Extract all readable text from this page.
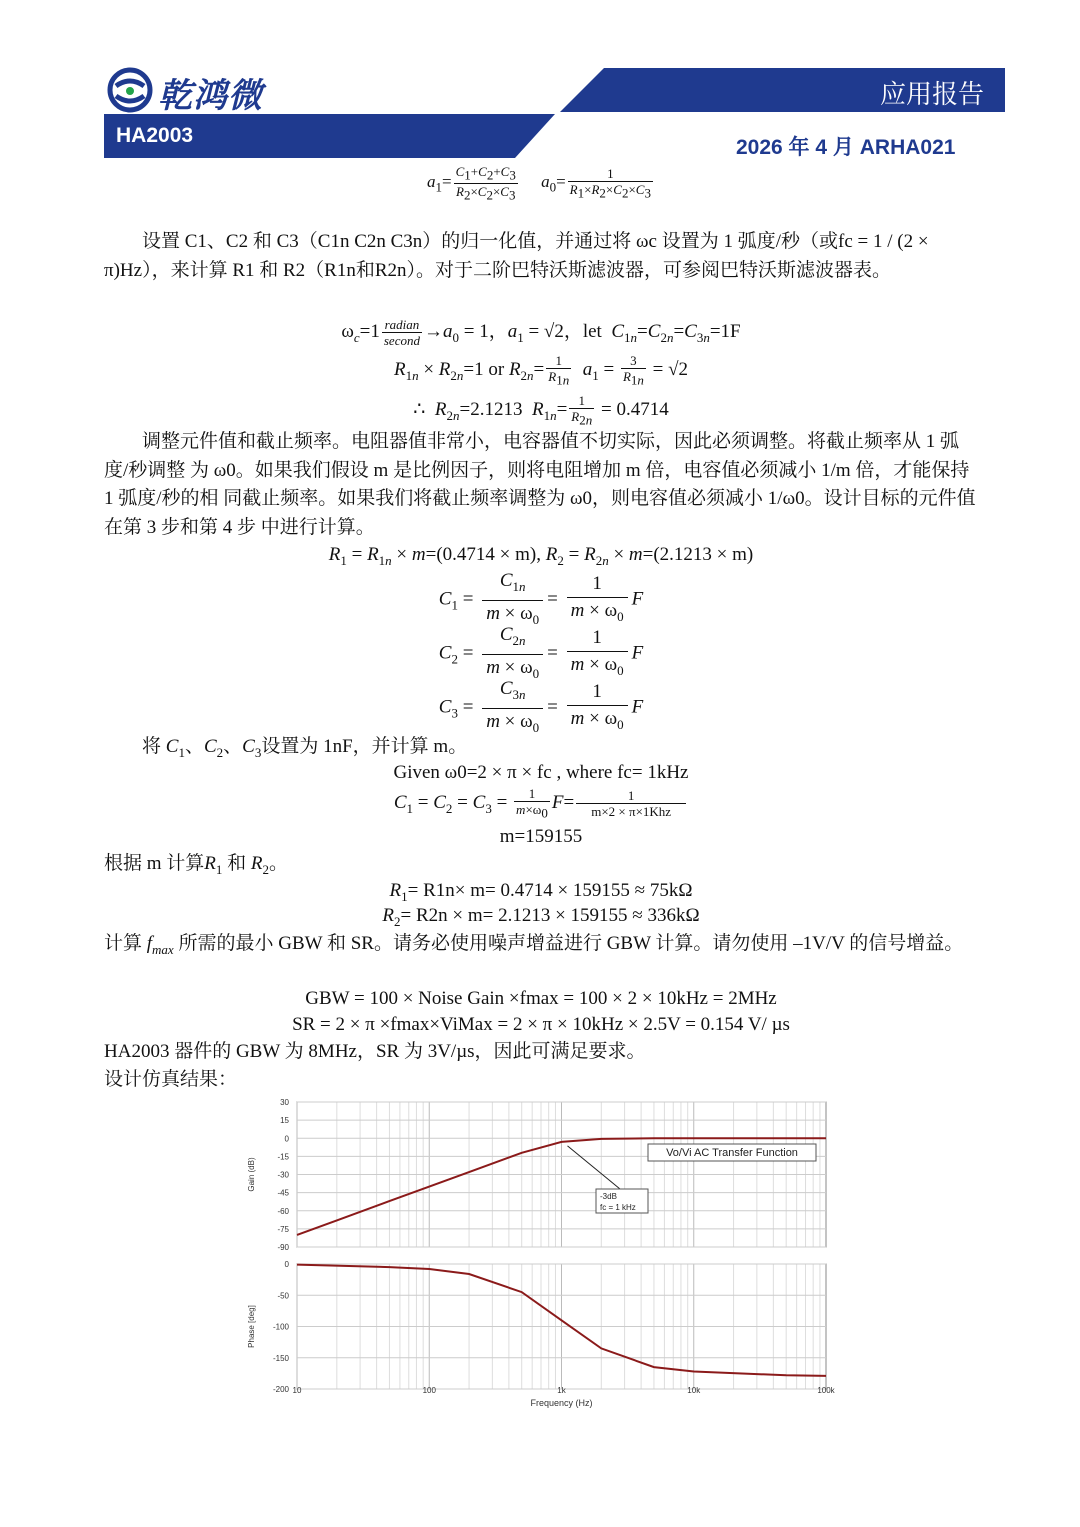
乾鸿微	应用报告
HA2003
2026 年 4 月 ARHA021
$a_1= \frac{C_1+C_2+C_3}{R_2\times C_2\times C_3} a_0= \frac{1}{R_1\times R_2\times C_2\times C_3}$
设置 C1、C2 和 C3（C1n C2n C3n）的归一化值，并通过将 ωc 设置为 1 弧度/秒（或fc = 1 / (2 × π)Hz），来计算 R1 和 R2（R1n和R2n）。对于二阶巴特沃斯滤波器，可参阅巴特沃斯滤波器表。
$\omega_c=1 \frac{\text{radian}}{\text{second}} \to a_0 = 1$，$a_1 = √2$，let  $C_{1n}=C_{2n}=C_{3n}=1F$
$R_{1n} \times R_{2n}=1$ or $R_{2n}= \frac{1}{R_{1n}} a_1 = \frac{3}{R_{1n}} = √2$
∴  $R_{2n}=2.1213$  $R_{1n}= \frac{1}{R_{2n}} = 0.4714$
调整元件值和截止频率。电阻器值非常小，电容器值不切实际，因此必须调整。将截止频率从 1 弧度/秒调整 为 ω0。如果我们假设 m 是比例因子，则将电阻增加 m 倍，电容值必须减小 1/m 倍，才能保持 1 弧度/秒的相 同截止频率。如果我们将截止频率调整为 ω0，则电容值必须减小 1/ω0。设计目标的元件值在第 3 步和第 4 步 中进行计算。
$R_1 = R_{1n} \times m=(0.4714 \times m)$, $R_2 = R_{2n} \times m=(2.1213 \times m)$
$C_1 = \frac{C_{1n}}{m \times \omega_0} = \frac{1}{m \times \omega_0}$ F
$C_2 = \frac{C_{2n}}{m \times \omega_0} = \frac{1}{m \times \omega_0}$ F
$C_3 = \frac{C_{3n}}{m \times \omega_0} = \frac{1}{m \times \omega_0}$ F
将 $C_1$、$C_2$、$C_3$设置为 1nF，并计算 m。
Given ω0=2 × π × fc , where fc= 1kHz
$C_1 = C_2 = C_3 = \frac{1}{m\times\omega_0} F= \frac{1}{\text{m×2 × π×1Khz}}$
m=159155
根据 m 计算$R_1$ 和 $R_2$。
$R_1= R1n\times m= 0.4714 \times 159155 \approx 75k\Omega$
$R_2= R2n \times m= 2.1213 \times 159155 \approx 336k\Omega$
计算 $f_{max}$ 所需的最小 GBW 和 SR。请务必使用噪声增益进行 GBW 计算。请勿使用 –1V/V 的信号增益。
GBW = 100 × Noise Gain ×fmax = 100 × 2 × 10kHz = 2MHz
SR = 2 × π ×fmax×ViMax = 2 × π × 10kHz × 2.5V = 0.154 V/ µs
HA2003 器件的 GBW 为 8MHz，SR 为 3V/µs，因此可满足要求。
设计仿真结果：
30
15
0
-15
-30
-45
-60
-75
-90
Gain (dB)
Vo/Vi AC Transfer Function
-3dB
fc = 1 kHz
0
-50
-100
-150
-200
Phase [deg]
10	100	1k	10k	100k
Frequency (Hz)
